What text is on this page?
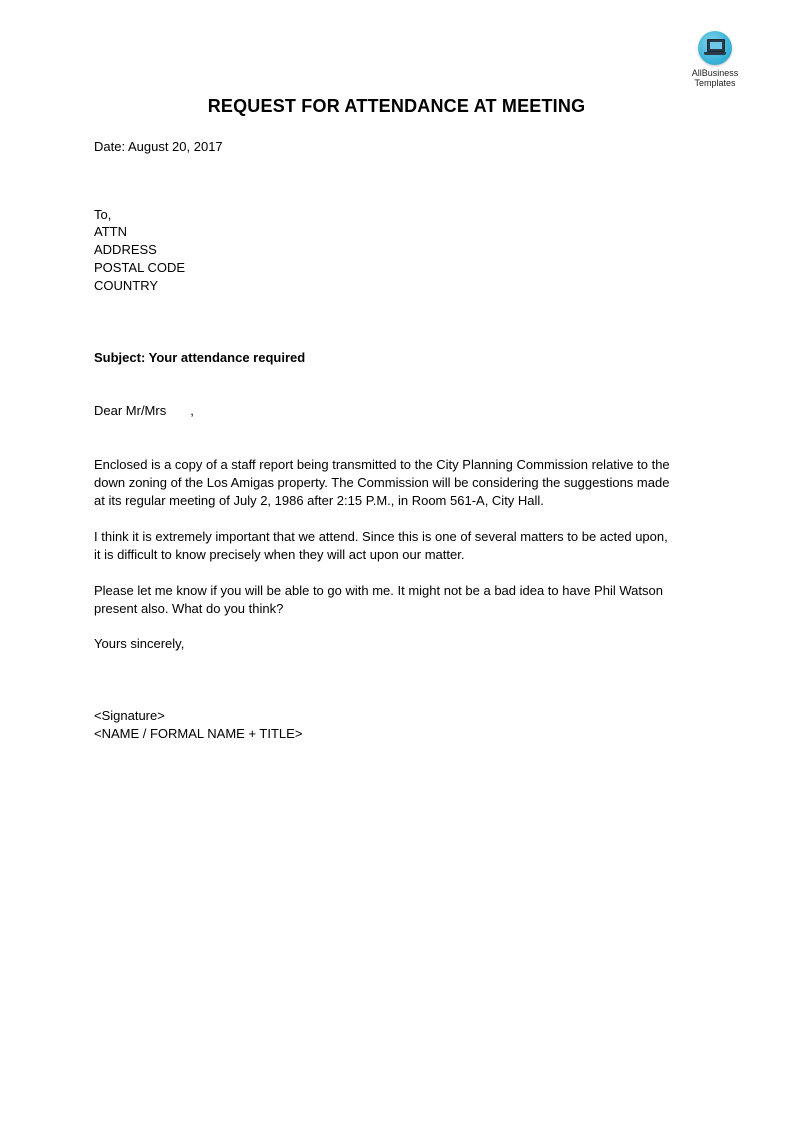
AllBusiness
Templates
REQUEST FOR ATTENDANCE AT MEETING
Date: August 20, 2017
To,
ATTN
ADDRESS
POSTAL CODE
COUNTRY
Subject: Your attendance required
Dear Mr/Mrs ,
Enclosed is a copy of a staff report being transmitted to the City Planning Commission relative to the
down zoning of the Los Amigas property. The Commission will be considering the suggestions made
at its regular meeting of July 2, 1986 after 2:15 P.M., in Room 561-A, City Hall.
I think it is extremely important that we attend. Since this is one of several matters to be acted upon,
it is difficult to know precisely when they will act upon our matter.
Please let me know if you will be able to go with me. It might not be a bad idea to have Phil Watson
present also. What do you think?
Yours sincerely,
<Signature>
<NAME / FORMAL NAME + TITLE>
